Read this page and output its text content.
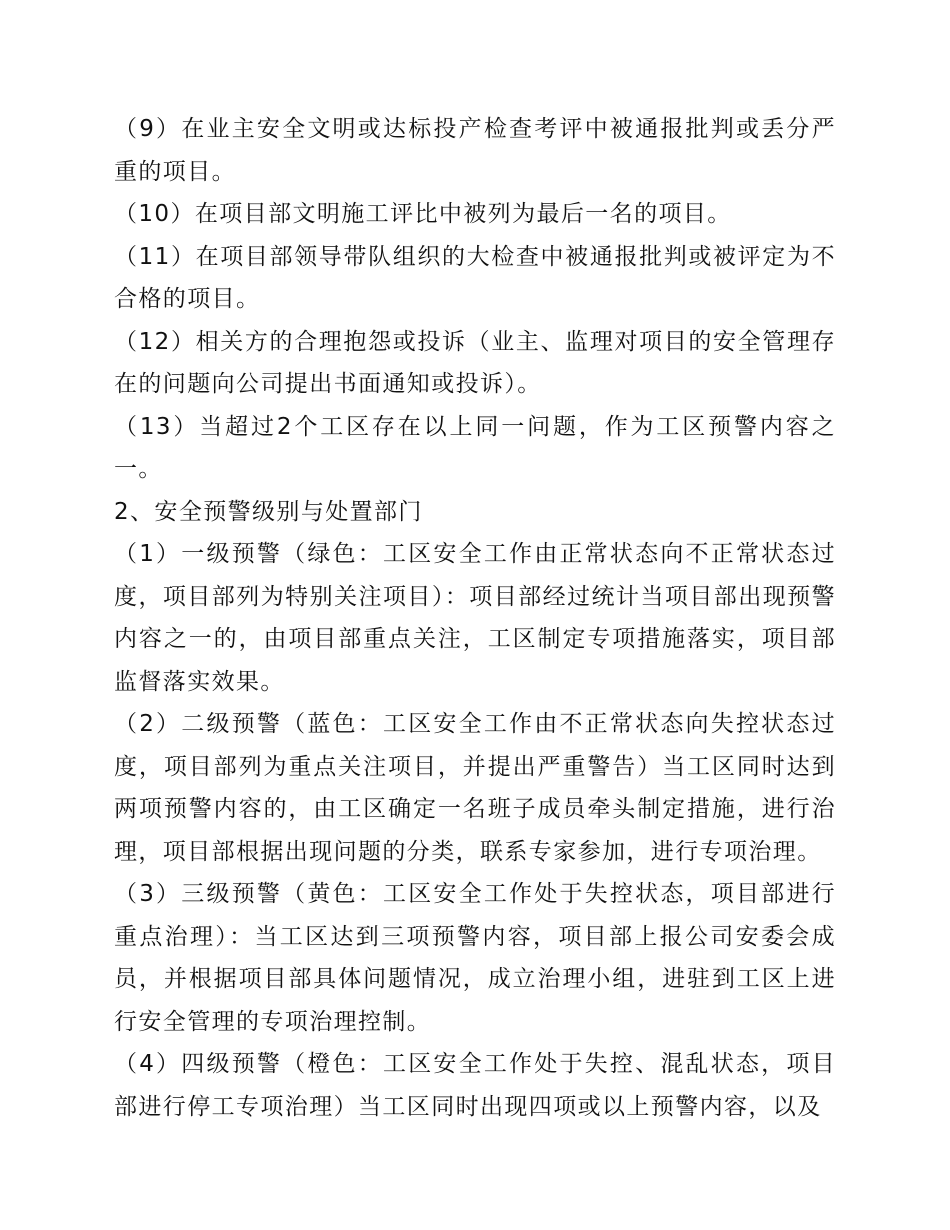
（9）在业主安全文明或达标投产检查考评中被通报批判或丢分严重的项目。

（10）在项目部文明施工评比中被列为最后一名的项目。

（11）在项目部领导带队组织的大检查中被通报批判或被评定为不合格的项目。

（12）相关方的合理抱怨或投诉（业主、监理对项目的安全管理存在的问题向公司提出书面通知或投诉）。

（13）当超过2个工区存在以上同一问题，作为工区预警内容之一。

2、安全预警级别与处置部门

（1）一级预警（绿色：工区安全工作由正常状态向不正常状态过度，项目部列为特别关注项目）：项目部经过统计当项目部出现预警内容之一的，由项目部重点关注，工区制定专项措施落实，项目部监督落实效果。

（2）二级预警（蓝色：工区安全工作由不正常状态向失控状态过度，项目部列为重点关注项目，并提出严重警告）当工区同时达到两项预警内容的，由工区确定一名班子成员牵头制定措施，进行治理，项目部根据出现问题的分类，联系专家参加，进行专项治理。

（3）三级预警（黄色：工区安全工作处于失控状态，项目部进行重点治理）：当工区达到三项预警内容，项目部上报公司安委会成员，并根据项目部具体问题情况，成立治理小组，进驻到工区上进行安全管理的专项治理控制。

（4）四级预警（橙色：工区安全工作处于失控、混乱状态，项目部进行停工专项治理）当工区同时出现四项或以上预警内容，以及
